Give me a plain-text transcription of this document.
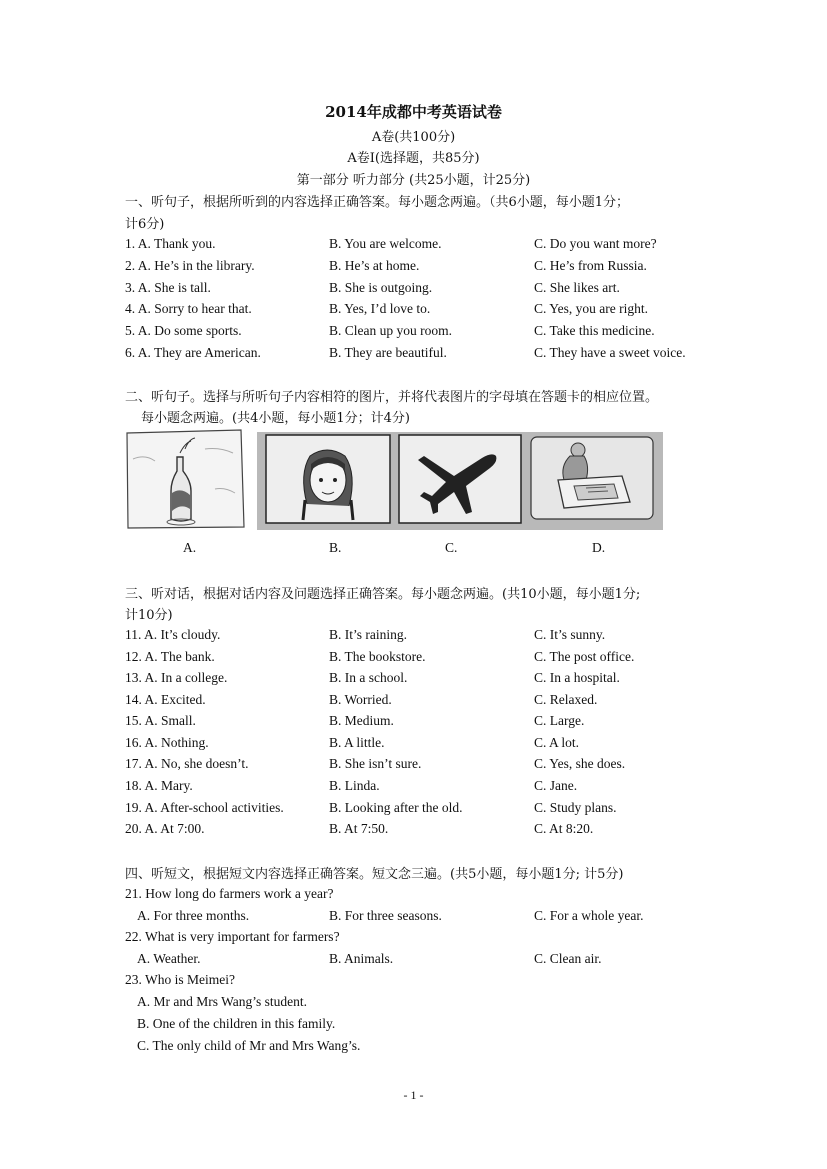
2014年成都中考英语试卷
A卷(共100分)
A卷I(选择题，共85分)
第一部分 听力部分 (共25小题，计25分)
一、听句子，根据所听到的内容选择正确答案。每小题念两遍。（共6小题，每小题1分；
计6分)
1. A. Thank you.	B. You are welcome.	C. Do you want more?
2. A. He’s in the library.	B. He’s at home.	C. He’s from Russia.
3. A. She is tall.	B. She is outgoing.	C. She likes art.
4. A. Sorry to hear that.	B. Yes, I’d love to.	C. Yes, you are right.
5. A. Do some sports.	B. Clean up you room.	C. Take this medicine.
6. A. They are American.	B. They are beautiful.	C. They have a sweet voice.
二、听句子。选择与所听句子内容相符的图片，并将代表图片的字母填在答题卡的相应位置。
每小题念两遍。(共4小题，每小题1分；计4分)
A.	B.	C.	D.
三、听对话，根据对话内容及问题选择正确答案。每小题念两遍。(共10小题，每小题1分;
计10分)
11. A. It’s cloudy.	B. It’s raining.	C. It’s sunny.
12. A. The bank.	B. The bookstore.	C. The post office.
13. A. In a college.	B. In a school.	C. In a hospital.
14. A. Excited.	B. Worried.	C. Relaxed.
15. A. Small.	B. Medium.	C. Large.
16. A. Nothing.	B. A little.	C. A lot.
17. A. No, she doesn’t.	B. She isn’t sure.	C. Yes, she does.
18. A. Mary.	B. Linda.	C. Jane.
19. A. After-school activities.	B. Looking after the old.	C. Study plans.
20. A. At 7:00.	B. At 7:50.	C. At 8:20.
四、听短文，根据短文内容选择正确答案。短文念三遍。(共5小题，每小题1分; 计5分)
21. How long do farmers work a year?
A. For three months.	B. For three seasons.	C. For a whole year.
22. What is very important for farmers?
A. Weather.	B. Animals.	C. Clean air.
23. Who is Meimei?
A. Mr and Mrs Wang’s student.
B. One of the children in this family.
C. The only child of Mr and Mrs Wang’s.
- 1 -
